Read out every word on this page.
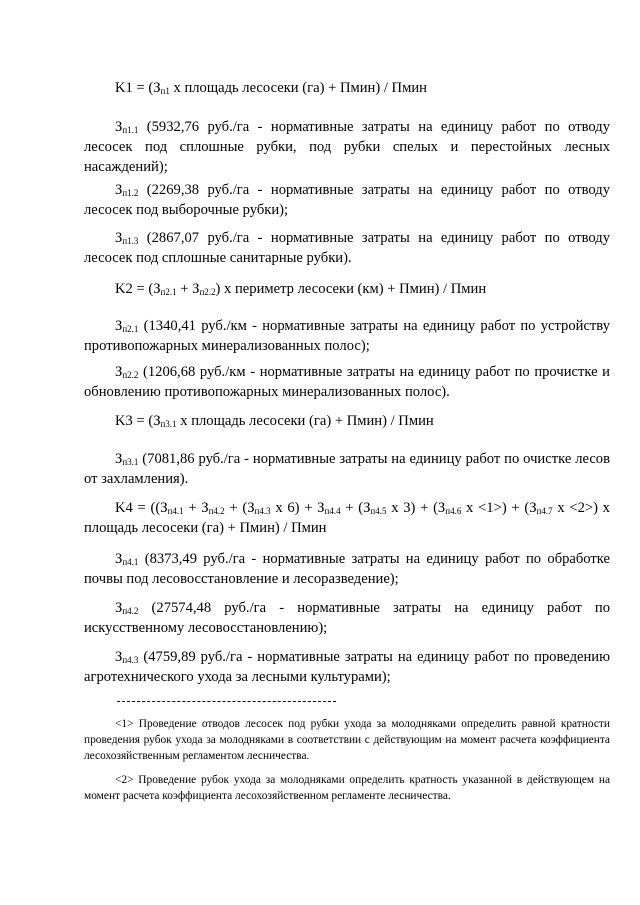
$K1 = (З_{п1}$ x площадь лесосеки (га) + Пмин) / Пмин

$З_{п1.1}$ (5932,76 руб./га - нормативные затраты на единицу работ по отводу лесосек под сплошные рубки, под рубки спелых и перестойных лесных насаждений);

$З_{п1.2}$ (2269,38 руб./га - нормативные затраты на единицу работ по отводу лесосек под выборочные рубки);

$З_{п1.3}$ (2867,07 руб./га - нормативные затраты на единицу работ по отводу лесосек под сплошные санитарные рубки).

$K2 = (З_{п2.1} + З_{п2.2})$ x периметр лесосеки (км) + Пмин) / Пмин

$З_{п2.1}$ (1340,41 руб./км - нормативные затраты на единицу работ по устройству противопожарных минерализованных полос);

$З_{п2.2}$ (1206,68 руб./км - нормативные затраты на единицу работ по прочистке и обновлению противопожарных минерализованных полос).

$K3 = (З_{п3.1}$ x площадь лесосеки (га) + Пмин) / Пмин

$З_{п3.1}$ (7081,86 руб./га - нормативные затраты на единицу работ по очистке лесов от захламления).

$K4 = ((З_{п4.1} + З_{п4.2} + (З_{п4.3}$ x $6) + З_{п4.4} + (З_{п4.5}$ x $3) + (З_{п4.6}$ $x <1>) + (З_{п4.7}$ x <2>) x площадь лесосеки (га) + Пмин) / Пмин

$З_{п4.1}$ (8373,49 руб./га - нормативные затраты на единицу работ по обработке почвы под лесовосстановление и лесоразведение);

$З_{п4.2}$ (27574,48 руб./га - нормативные затраты на единицу работ по искусственному лесовосстановлению);

$З_{п4.3}$ (4759,89 руб./га - нормативные затраты на единицу работ по проведению агротехнического ухода за лесными культурами);

<1> Проведение отводов лесосек под рубки ухода за молодняками определить равной кратности проведения рубок ухода за молодняками в соответствии с действующим на момент расчета коэффициента лесохозяйственным регламентом лесничества.

<2> Проведение рубок ухода за молодняками определить кратность указанной в действующем на момент расчета коэффициента лесохозяйственном регламенте лесничества.
